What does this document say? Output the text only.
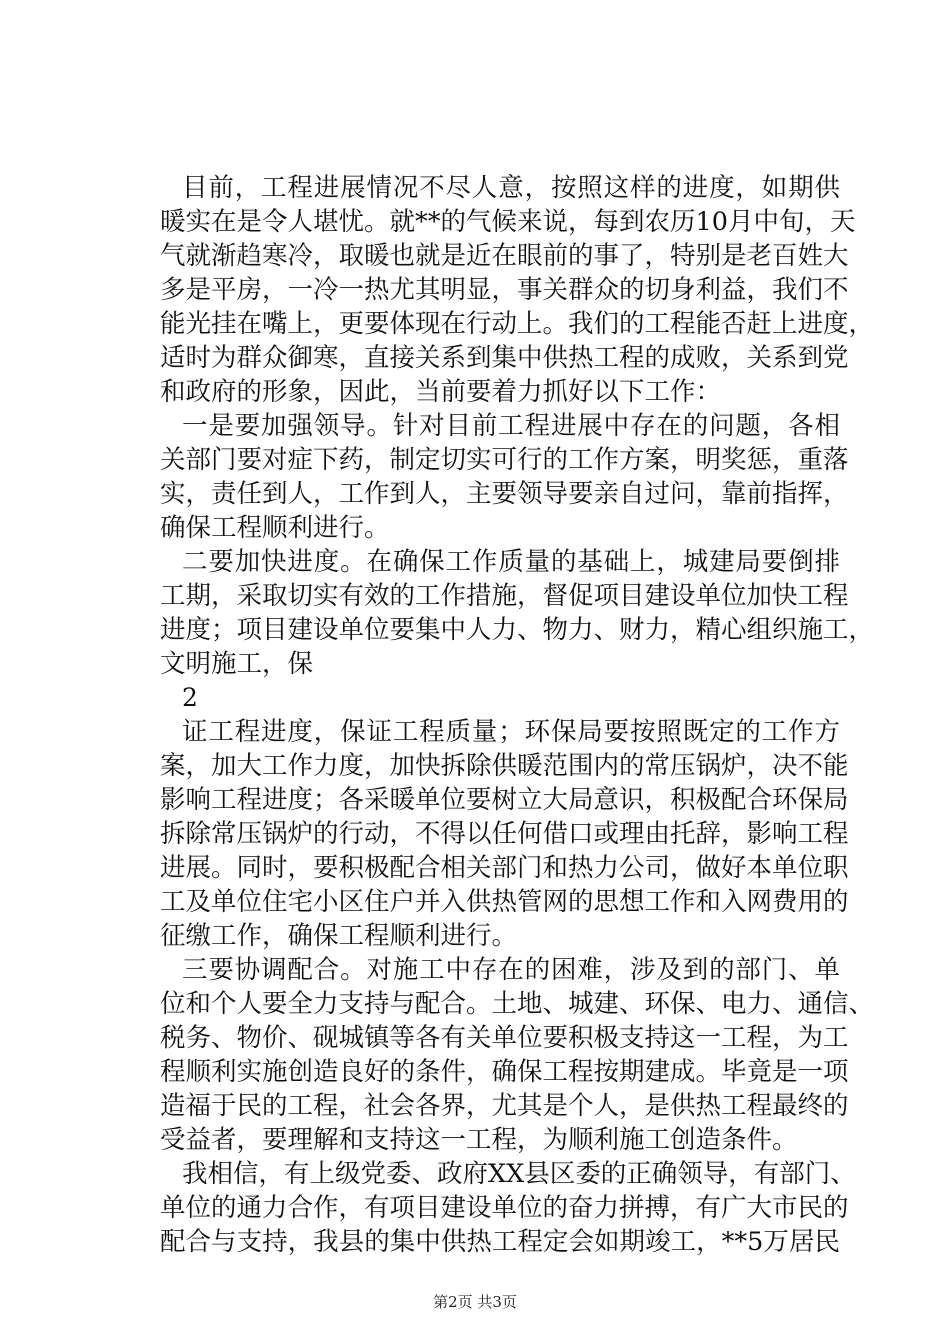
目前，工程进展情况不尽人意，按照这样的进度，如期供
暖实在是令人堪忧。就**的气候来说，每到农历10月中旬，天
气就渐趋寒冷，取暖也就是近在眼前的事了，特别是老百姓大
多是平房，一冷一热尤其明显，事关群众的切身利益，我们不
能光挂在嘴上，更要体现在行动上。我们的工程能否赶上进度，
适时为群众御寒，直接关系到集中供热工程的成败，关系到党
和政府的形象，因此，当前要着力抓好以下工作：
一是要加强领导。针对目前工程进展中存在的问题，各相
关部门要对症下药，制定切实可行的工作方案，明奖惩，重落
实，责任到人，工作到人，主要领导要亲自过问，靠前指挥，
确保工程顺利进行。
二要加快进度。在确保工作质量的基础上，城建局要倒排
工期，采取切实有效的工作措施，督促项目建设单位加快工程
进度；项目建设单位要集中人力、物力、财力，精心组织施工，
文明施工，保
2
证工程进度，保证工程质量；环保局要按照既定的工作方
案，加大工作力度，加快拆除供暖范围内的常压锅炉，决不能
影响工程进度；各采暖单位要树立大局意识，积极配合环保局
拆除常压锅炉的行动，不得以任何借口或理由托辞，影响工程
进展。同时，要积极配合相关部门和热力公司，做好本单位职
工及单位住宅小区住户并入供热管网的思想工作和入网费用的
征缴工作，确保工程顺利进行。
三要协调配合。对施工中存在的困难，涉及到的部门、单
位和个人要全力支持与配合。土地、城建、环保、电力、通信、
税务、物价、砚城镇等各有关单位要积极支持这一工程，为工
程顺利实施创造良好的条件，确保工程按期建成。毕竟是一项
造福于民的工程，社会各界，尤其是个人，是供热工程最终的
受益者，要理解和支持这一工程，为顺利施工创造条件。
我相信，有上级党委、政府XX县区委的正确领导，有部门、
单位的通力合作，有项目建设单位的奋力拼搏，有广大市民的
配合与支持，我县的集中供热工程定会如期竣工，**5万居民
第2页 共3页
